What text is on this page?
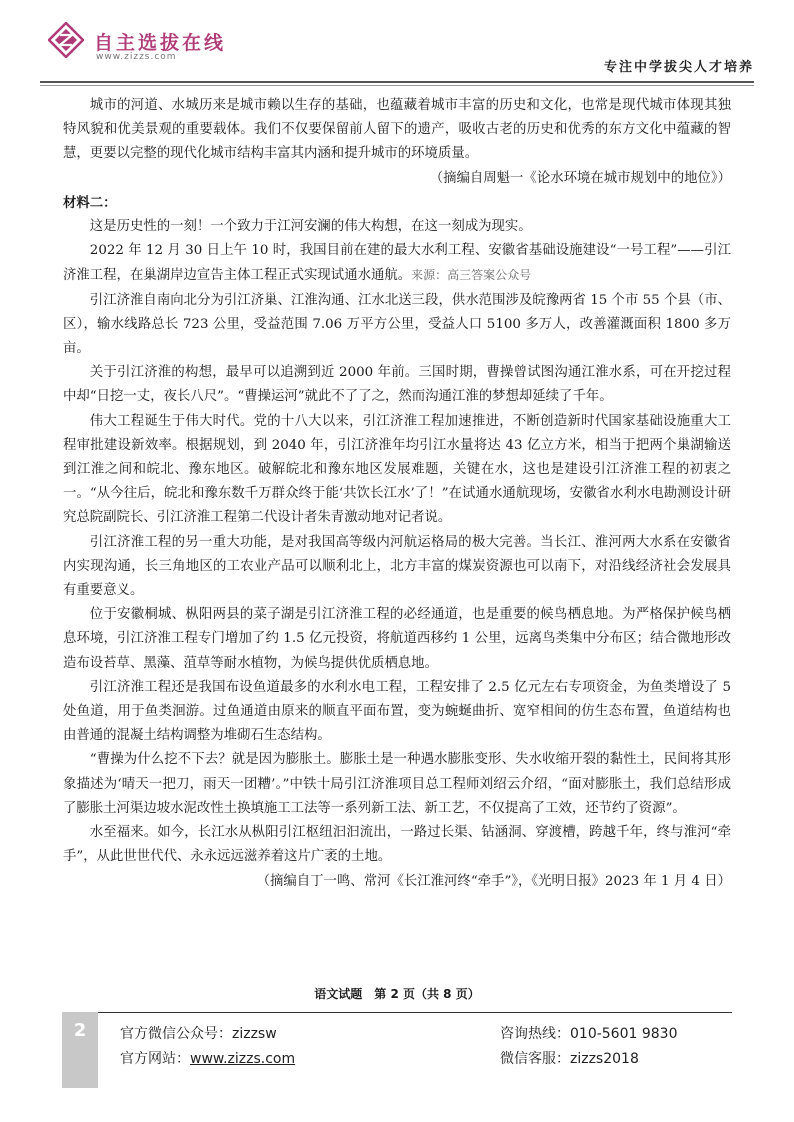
自主选拔在线
www.zizzs.com
专注中学拔尖人才培养

城市的河道、水城历来是城市赖以生存的基础，也蕴藏着城市丰富的历史和文化，也常是现代城市体现其独特风貌和优美景观的重要载体。我们不仅要保留前人留下的遗产，吸收古老的历史和优秀的东方文化中蕴藏的智慧，更要以完整的现代化城市结构丰富其内涵和提升城市的环境质量。

（摘编自周魁一《论水环境在城市规划中的地位》）

材料二：

这是历史性的一刻！一个致力于江河安澜的伟大构想，在这一刻成为现实。

2022 年 12 月 30 日上午 10 时，我国目前在建的最大水利工程、安徽省基础设施建设“一号工程”——引江济淮工程，在巢湖岸边宣告主体工程正式实现试通水通航。来源：高三答案公众号

引江济淮自南向北分为引江济巢、江淮沟通、江水北送三段，供水范围涉及皖豫两省 15 个市 55 个县（市、区），输水线路总长 723 公里，受益范围 7.06 万平方公里，受益人口 5100 多万人，改善灌溉面积 1800 多万亩。

关于引江济淮的构想，最早可以追溯到近 2000 年前。三国时期，曹操曾试图沟通江淮水系，可在开挖过程中却“日挖一丈，夜长八尺”。“曹操运河”就此不了了之，然而沟通江淮的梦想却延续了千年。

伟大工程诞生于伟大时代。党的十八大以来，引江济淮工程加速推进，不断创造新时代国家基础设施重大工程审批建设新效率。根据规划，到 2040 年，引江济淮年均引江水量将达 43 亿立方米，相当于把两个巢湖输送到江淮之间和皖北、豫东地区。破解皖北和豫东地区发展难题，关键在水，这也是建设引江济淮工程的初衷之一。“从今往后，皖北和豫东数千万群众终于能‘共饮长江水’了！”在试通水通航现场，安徽省水利水电勘测设计研究总院副院长、引江济淮工程第二代设计者朱青激动地对记者说。

引江济淮工程的另一重大功能，是对我国高等级内河航运格局的极大完善。当长江、淮河两大水系在安徽省内实现沟通，长三角地区的工农业产品可以顺利北上，北方丰富的煤炭资源也可以南下，对沿线经济社会发展具有重要意义。

位于安徽桐城、枞阳两县的菜子湖是引江济淮工程的必经通道，也是重要的候鸟栖息地。为严格保护候鸟栖息环境，引江济淮工程专门增加了约 1.5 亿元投资，将航道西移约 1 公里，远离鸟类集中分布区；结合微地形改造布设苔草、黑藻、菹草等耐水植物，为候鸟提供优质栖息地。

引江济淮工程还是我国布设鱼道最多的水利水电工程，工程安排了 2.5 亿元左右专项资金，为鱼类增设了 5 处鱼道，用于鱼类洄游。过鱼通道由原来的顺直平面布置，变为蜿蜒曲折、宽窄相间的仿生态布置，鱼道结构也由普通的混凝土结构调整为堆砌石生态结构。

“曹操为什么挖不下去？就是因为膨胀土。膨胀土是一种遇水膨胀变形、失水收缩开裂的黏性土，民间将其形象描述为‘晴天一把刀，雨天一团糟’。”中铁十局引江济淮项目总工程师刘绍云介绍，“面对膨胀土，我们总结形成了膨胀土河渠边坡水泥改性土换填施工工法等一系列新工法、新工艺，不仅提高了工效，还节约了资源”。

水至福来。如今，长江水从枞阳引江枢纽汩汩流出，一路过长渠、钻涵洞、穿渡槽，跨越千年，终与淮河“牵手”，从此世世代代、永永远远滋养着这片广袤的土地。

（摘编自丁一鸣、常河《长江淮河终“牵手”》，《光明日报》2023 年 1 月 4 日）

语文试题　第 2 页（共 8 页）
2	官方微信公众号：zizzsw
官方网站：www.zizzs.com
咨询热线：010-5601 9830
微信客服：zizzs2018
